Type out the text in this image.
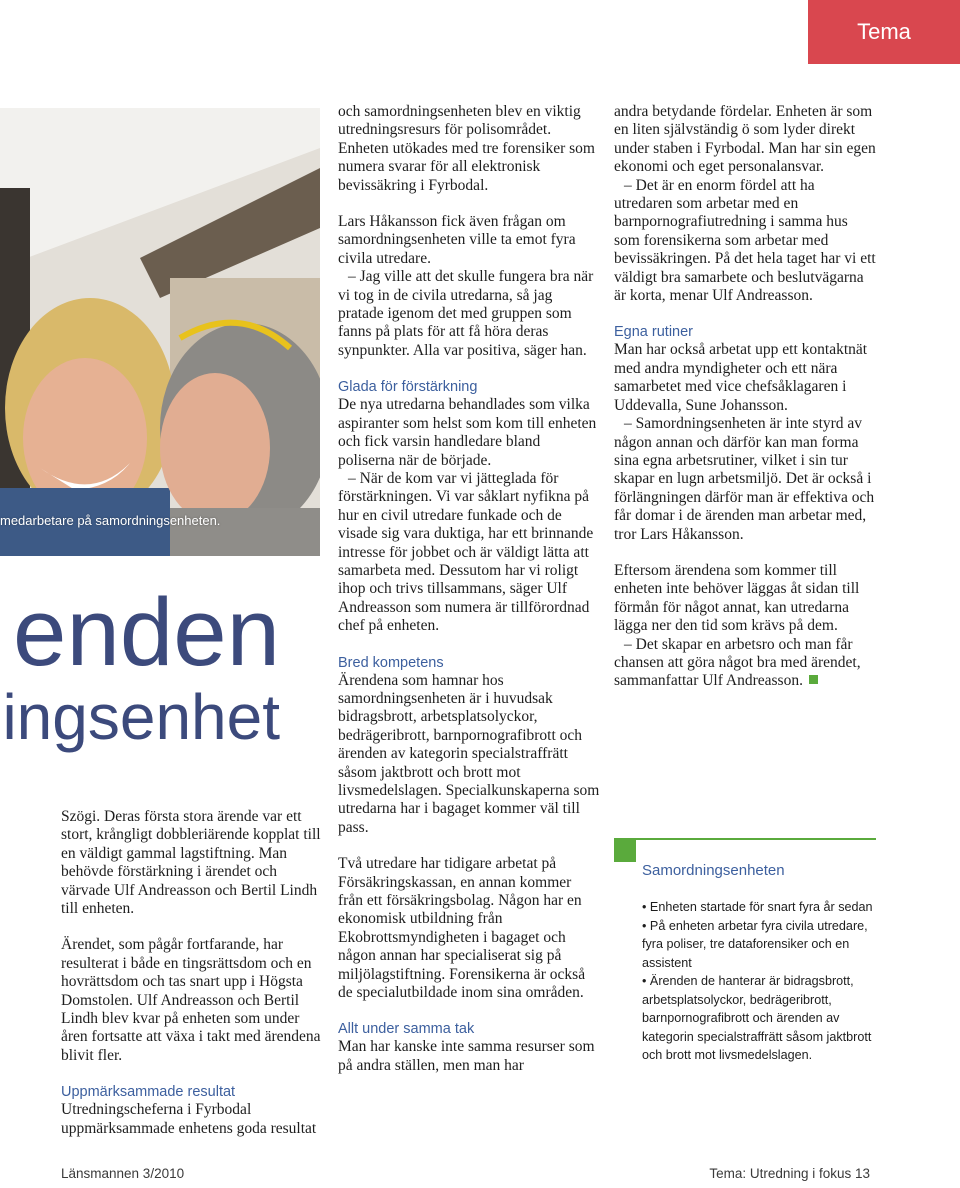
Tema
medarbetare på samordningsenheten.
enden
ingsenhet

Szögi. Deras första stora ärende var ett stort, krångligt dobbleriärende kopplat till en väldigt gammal lagstiftning. Man behövde förstärkning i ärendet och värvade Ulf Andreasson och Bertil Lindh till enheten.

Ärendet, som pågår fortfarande, har resulterat i både en tingsrättsdom och en hovrättsdom och tas snart upp i Högsta Domstolen. Ulf Andreasson och Bertil Lindh blev kvar på enheten som under åren fortsatte att växa i takt med ärendena blivit fler.

Uppmärksammade resultat

Utredningscheferna i Fyrbodal uppmärksammade enhetens goda resultat

och samordningsenheten blev en viktig utredningsresurs för polisområdet. Enheten utökades med tre forensiker som numera svarar för all elektronisk bevissäkring i Fyrbodal.

Lars Håkansson fick även frågan om samordningsenheten ville ta emot fyra civila utredare.

– Jag ville att det skulle fungera bra när vi tog in de civila utredarna, så jag pratade igenom det med gruppen som fanns på plats för att få höra deras synpunkter. Alla var positiva, säger han.

Glada för förstärkning

De nya utredarna behandlades som vilka aspiranter som helst som kom till enheten och fick varsin handledare bland poliserna när de började.

– När de kom var vi jätteglada för förstärkningen. Vi var såklart nyfikna på hur en civil utredare funkade och de visade sig vara duktiga, har ett brinnande intresse för jobbet och är väldigt lätta att samarbeta med. Dessutom har vi roligt ihop och trivs tillsammans, säger Ulf Andreasson som numera är tillförordnad chef på enheten.

Bred kompetens

Ärendena som hamnar hos samordningsenheten är i huvudsak bidragsbrott, arbetsplatsolyckor, bedrägeribrott, barnpornografibrott och ärenden av kategorin specialstraffrätt såsom jaktbrott och brott mot livsmedelslagen. Specialkunskaperna som utredarna har i bagaget kommer väl till pass.

Två utredare har tidigare arbetat på Försäkringskassan, en annan kommer från ett försäkringsbolag. Någon har en ekonomisk utbildning från Ekobrottsmyndigheten i bagaget och någon annan har specialiserat sig på miljölagstiftning. Forensikerna är också de specialutbildade inom sina områden.

Allt under samma tak

Man har kanske inte samma resurser som på andra ställen, men man har

andra betydande fördelar. Enheten är som en liten självständig ö som lyder direkt under staben i Fyrbodal. Man har sin egen ekonomi och eget personalansvar.

– Det är en enorm fördel att ha utredaren som arbetar med en barnpornografiutredning i samma hus som forensikerna som arbetar med bevissäkringen. På det hela taget har vi ett väldigt bra samarbete och beslutvägarna är korta, menar Ulf Andreasson.

Egna rutiner

Man har också arbetat upp ett kontaktnät med andra myndigheter och ett nära samarbetet med vice chefsåklagaren i Uddevalla, Sune Johansson.

– Samordningsenheten är inte styrd av någon annan och därför kan man forma sina egna arbetsrutiner, vilket i sin tur skapar en lugn arbetsmiljö. Det är också i förlängningen därför man är effektiva och får domar i de ärenden man arbetar med, tror Lars Håkansson.

Eftersom ärendena som kommer till enheten inte behöver läggas åt sidan till förmån för något annat, kan utredarna lägga ner den tid som krävs på dem.

– Det skapar en arbetsro och man får chansen att göra något bra med ärendet, sammanfattar Ulf Andreasson.

Samordningsenheten
• Enheten startade för snart fyra år sedan
• På enheten arbetar fyra civila utredare, fyra poliser, tre dataforensiker och en assistent
• Ärenden de hanterar är bidragsbrott, arbetsplatsolyckor, bedrägeribrott, barnpornografibrott och ärenden av kategorin specialstraffrätt såsom jaktbrott och brott mot livsmedelslagen.
Länsmannen 3/2010	Tema: Utredning i fokus 13
